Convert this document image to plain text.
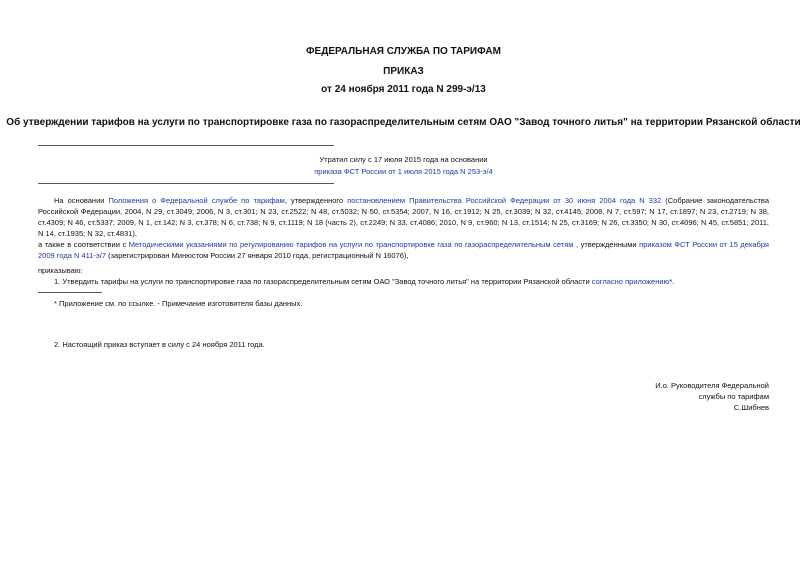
ФЕДЕРАЛЬНАЯ СЛУЖБА ПО ТАРИФАМ
ПРИКАЗ
от 24 ноября 2011 года N 299-э/13
Об утверждении тарифов на услуги по транспортировке газа по газораспределительным сетям ОАО "Завод точного литья" на территории Рязанской области
Утратил силу с 17 июля 2015 года на основании
приказа ФСТ России от 1 июля 2015 года N 253-э/4

На основании Положения о Федеральной службе по тарифам, утвержденного постановлением Правительства Российской Федерации от 30 июня 2004 года N 332 (Собрание законодательства Российской Федерации, 2004, N 29, ст.3049; 2006, N 3, ст.301; N 23, ст.2522; N 48, ст.5032; N 50, ст.5354; 2007, N 16, ст.1912; N 25, ст.3039; N 32, ст.4145; 2008, N 7, ст.597; N 17, ст.1897; N 23, ст.2719; N 38, ст.4309; N 46, ст.5337; 2009, N 1, ст.142; N 3, ст.378; N 6, ст.738; N 9, ст.1119; N 18 (часть 2), ст.2249; N 33, ст.4086; 2010, N 9, ст.960; N 13, ст.1514; N 25, ст.3169; N 26, ст.3350; N 30, ст.4096; N 45, ст.5851; 2011, N 14, ст.1935; N 32, ст.4831),

а также в соответствии с Методическими указаниями по регулированию тарифов на услуги по транспортировке газа по газораспределительным сетям , утвержденными приказом ФСТ России от 15 декабря 2009 года N 411-э/7 (зарегистрирован Минюстом России 27 января 2010 года, регистрационный N 16076),

приказываю:
1. Утвердить тарифы на услуги по транспортировке газа по газораспределительным сетям ОАО "Завод точного литья" на территории Рязанской области согласно приложению*.
* Приложение см. по ссылке. - Примечание изготовителя базы данных.
2. Настоящий приказ вступает в силу с 24 ноября 2011 года.
И.о. Руководителя Федеральной
службы по тарифам
С.Шибнев
